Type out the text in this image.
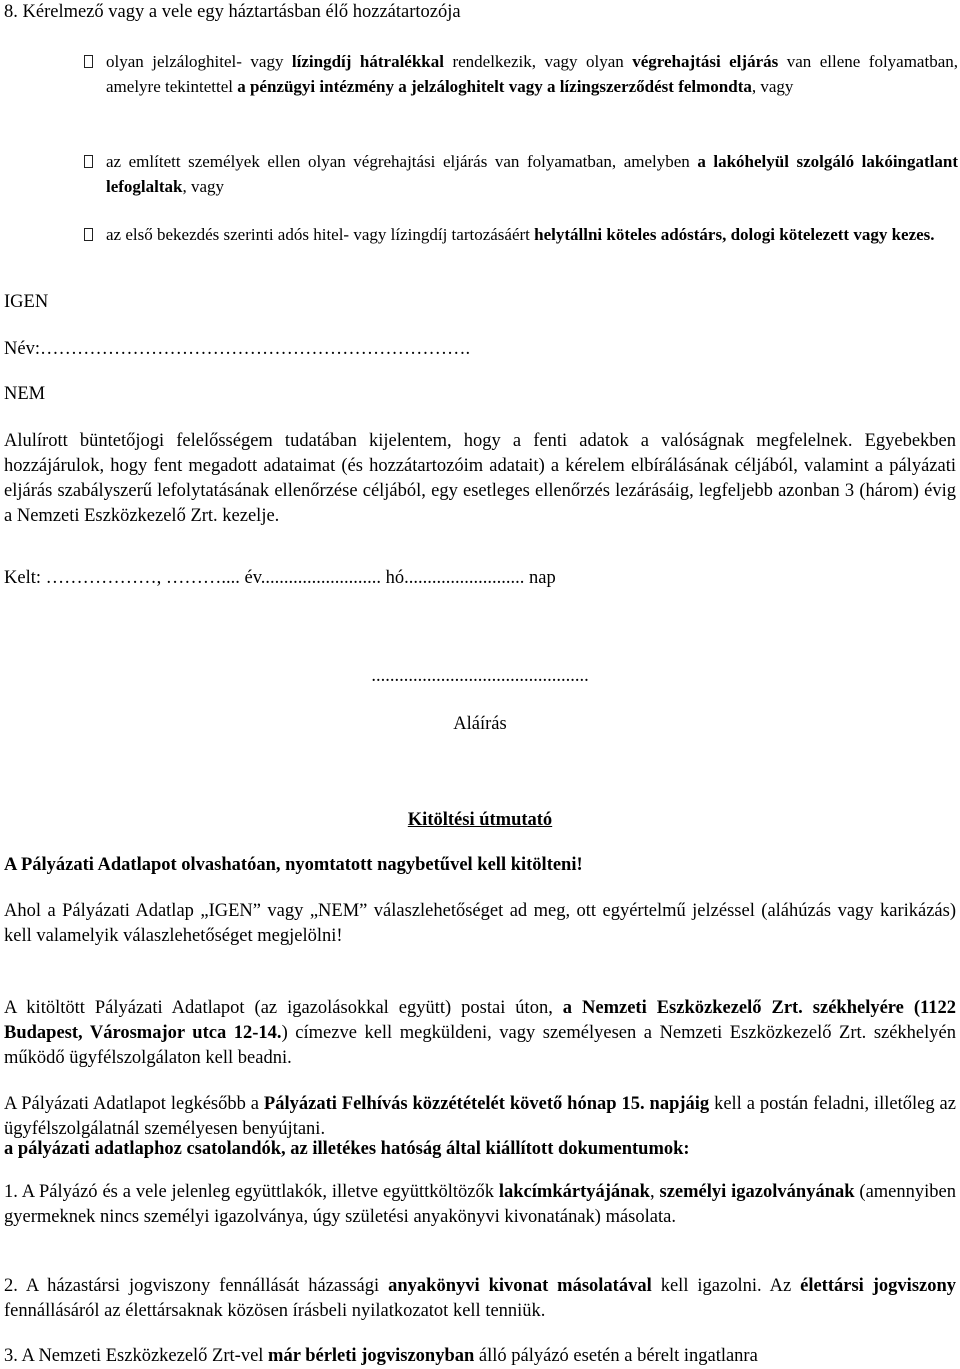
8. Kérelmező vagy a vele egy háztartásban élő hozzátartozója
olyan jelzáloghitel- vagy lízingdíj hátralékkal rendelkezik, vagy olyan végrehajtási eljárás van ellene folyamatban, amelyre tekintettel a pénzügyi intézmény a jelzáloghitelt vagy a lízingszerződést felmondta, vagy
az említett személyek ellen olyan végrehajtási eljárás van folyamatban, amelyben a lakóhelyül szolgáló lakóingatlant lefoglaltak, vagy
az első bekezdés szerinti adós hitel- vagy lízingdíj tartozásáért helytállni köteles adóstárs, dologi kötelezett vagy kezes.
IGEN
Név:…………………………………………………………….
NEM
Alulírott büntetőjogi felelősségem tudatában kijelentem, hogy a fenti adatok a valóságnak megfelelnek. Egyebekben hozzájárulok, hogy fent megadott adataimat (és hozzátartozóim adatait) a kérelem elbírálásának céljából, valamint a pályázati eljárás szabályszerű lefolytatásának ellenőrzése céljából, egy esetleges ellenőrzés lezárásáig, legfeljebb azonban 3 (három) évig a Nemzeti Eszközkezelő Zrt. kezelje.
Kelt: ………………, ……….... év.......................... hó.......................... nap
...............................................
Aláírás
Kitöltési útmutató
A Pályázati Adatlapot olvashatóan, nyomtatott nagybetűvel kell kitölteni!
Ahol a Pályázati Adatlap „IGEN” vagy „NEM” válaszlehetőséget ad meg, ott egyértelmű jelzéssel (aláhúzás vagy karikázás) kell valamelyik válaszlehetőséget megjelölni!
A kitöltött Pályázati Adatlapot (az igazolásokkal együtt) postai úton, a Nemzeti Eszközkezelő Zrt. székhelyére (1122 Budapest, Városmajor utca 12-14.) címezve kell megküldeni, vagy személyesen a Nemzeti Eszközkezelő Zrt. székhelyén működő ügyfélszolgálaton kell beadni.
A Pályázati Adatlapot legkésőbb a Pályázati Felhívás közzétételét követő hónap 15. napjáig kell a postán feladni, illetőleg az ügyfélszolgálatnál személyesen benyújtani.
a pályázati adatlaphoz csatolandók, az illetékes hatóság által kiállított dokumentumok:
1. A Pályázó és a vele jelenleg együttlakók, illetve együttköltözők lakcímkártyájának, személyi igazolványának (amennyiben gyermeknek nincs személyi igazolványa, úgy születési anyakönyvi kivonatának) másolata.
2. A házastársi jogviszony fennállását házassági anyakönyvi kivonat másolatával kell igazolni. Az élettársi jogviszony fennállásáról az élettársaknak közösen írásbeli nyilatkozatot kell tenniük.
3. A Nemzeti Eszközkezelő Zrt-vel már bérleti jogviszonyban álló pályázó esetén a bérelt ingatlanra
